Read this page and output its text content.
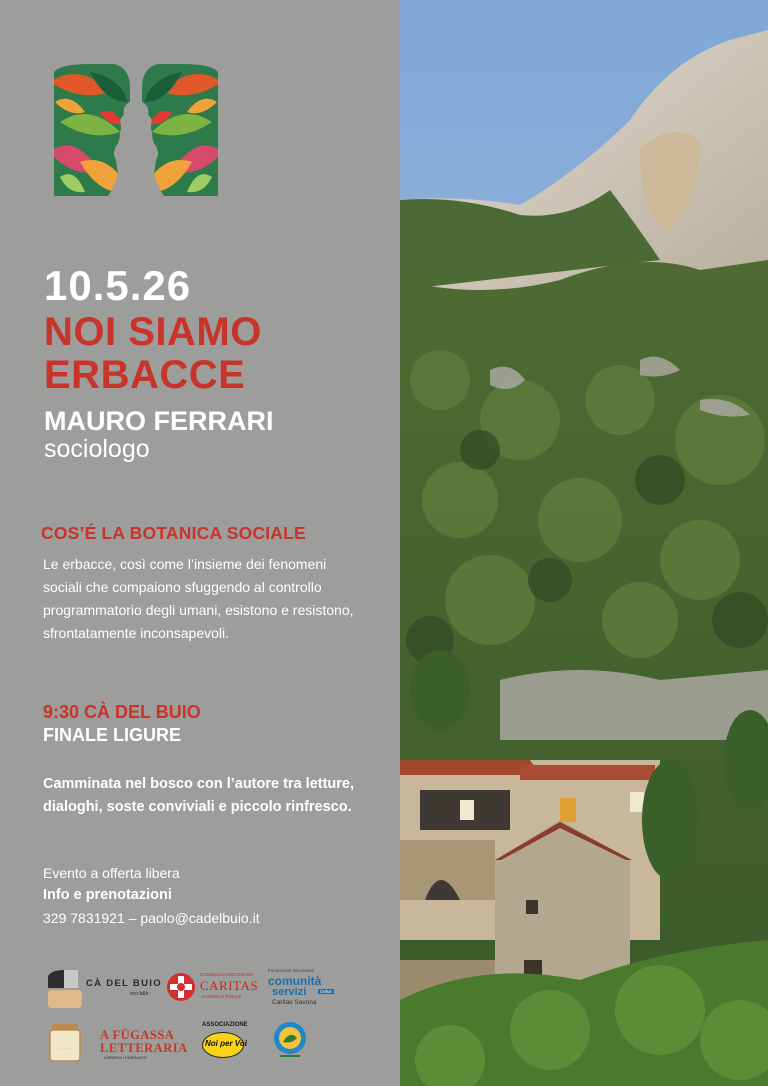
10.5.26
NOI SIAMO
ERBACCE
MAURO FERRARI
sociologo
COS’É LA BOTANICA SOCIALE
Le erbacce, così come l’insieme dei fenomeni sociali che compaiono sfuggendo al controllo programmatorio degli umani, esistono e resistono, sfrontatamente inconsapevoli.
9:30 CÀ DEL BUIO
FINALE LIGURE
Camminata nel bosco con l’autore tra letture, dialoghi, soste conviviali e piccolo rinfresco.
Evento a offerta libera
Info e prenotazioni
329 7831921 – paolo@cadelbuio.it
CÀ DEL BUIO
eco b&b
CONSIGLIO DIOCESANO
CARITAS
SAVONA E FINALE
Fondazione Diocesana
comunità
servizi	Onlus
Caritas Savona
· · · · ·
A FÜGASSA
LETTERARIA
LIBRERIA ITINERANTE
ASSOCIAZIONE
Noi per Voi
